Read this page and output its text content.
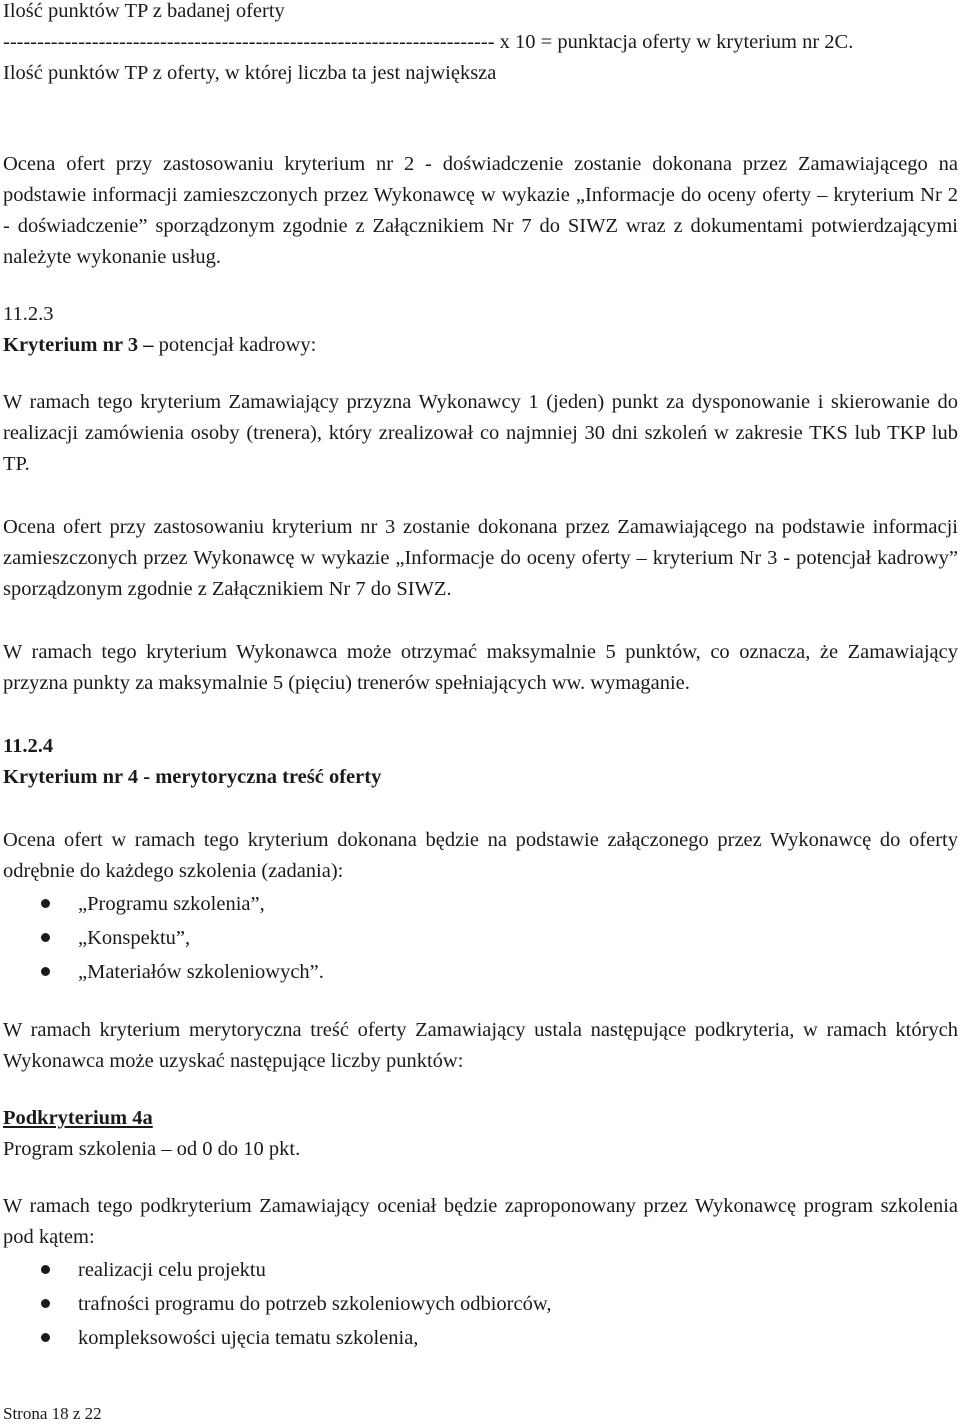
Ilość punktów TP z badanej oferty

------------------------------------------------------------------------ x 10 = punktacja oferty w kryterium nr 2C.

Ilość punktów TP z oferty, w której liczba ta jest największa

Ocena ofert przy zastosowaniu kryterium nr 2 - doświadczenie zostanie dokonana przez Zamawiającego na podstawie informacji zamieszczonych przez Wykonawcę w wykazie „Informacje do oceny oferty – kryterium Nr 2 - doświadczenie” sporządzonym zgodnie z Załącznikiem Nr 7 do SIWZ wraz z dokumentami potwierdzającymi należyte wykonanie usług.

11.2.3

Kryterium nr 3 – potencjał kadrowy:

W ramach tego kryterium Zamawiający przyzna Wykonawcy 1 (jeden) punkt za dysponowanie i skierowanie do realizacji zamówienia osoby (trenera), który zrealizował co najmniej 30 dni szkoleń w zakresie TKS lub TKP lub TP.

Ocena ofert przy zastosowaniu kryterium nr 3 zostanie dokonana przez Zamawiającego na podstawie informacji zamieszczonych przez Wykonawcę w wykazie „Informacje do oceny oferty – kryterium Nr 3 - potencjał kadrowy” sporządzonym zgodnie z Załącznikiem Nr 7 do SIWZ.

W ramach tego kryterium Wykonawca może otrzymać maksymalnie 5 punktów, co oznacza, że Zamawiający przyzna punkty za maksymalnie 5 (pięciu) trenerów spełniających ww. wymaganie.

11.2.4

Kryterium nr 4 - merytoryczna treść oferty

Ocena ofert w ramach tego kryterium dokonana będzie na podstawie załączonego przez Wykonawcę do oferty odrębnie do każdego szkolenia (zadania):

„Programu szkolenia”,
„Konspektu”,
„Materiałów szkoleniowych”.

W ramach kryterium merytoryczna treść oferty Zamawiający ustala następujące podkryteria, w ramach których Wykonawca może uzyskać następujące liczby punktów:

Podkryterium 4a

Program szkolenia – od 0 do 10 pkt.

W ramach tego podkryterium Zamawiający oceniał będzie zaproponowany przez Wykonawcę program szkolenia pod kątem:

realizacji celu projektu
trafności programu do potrzeb szkoleniowych odbiorców,
kompleksowości ujęcia tematu szkolenia,
Strona 18 z 22
